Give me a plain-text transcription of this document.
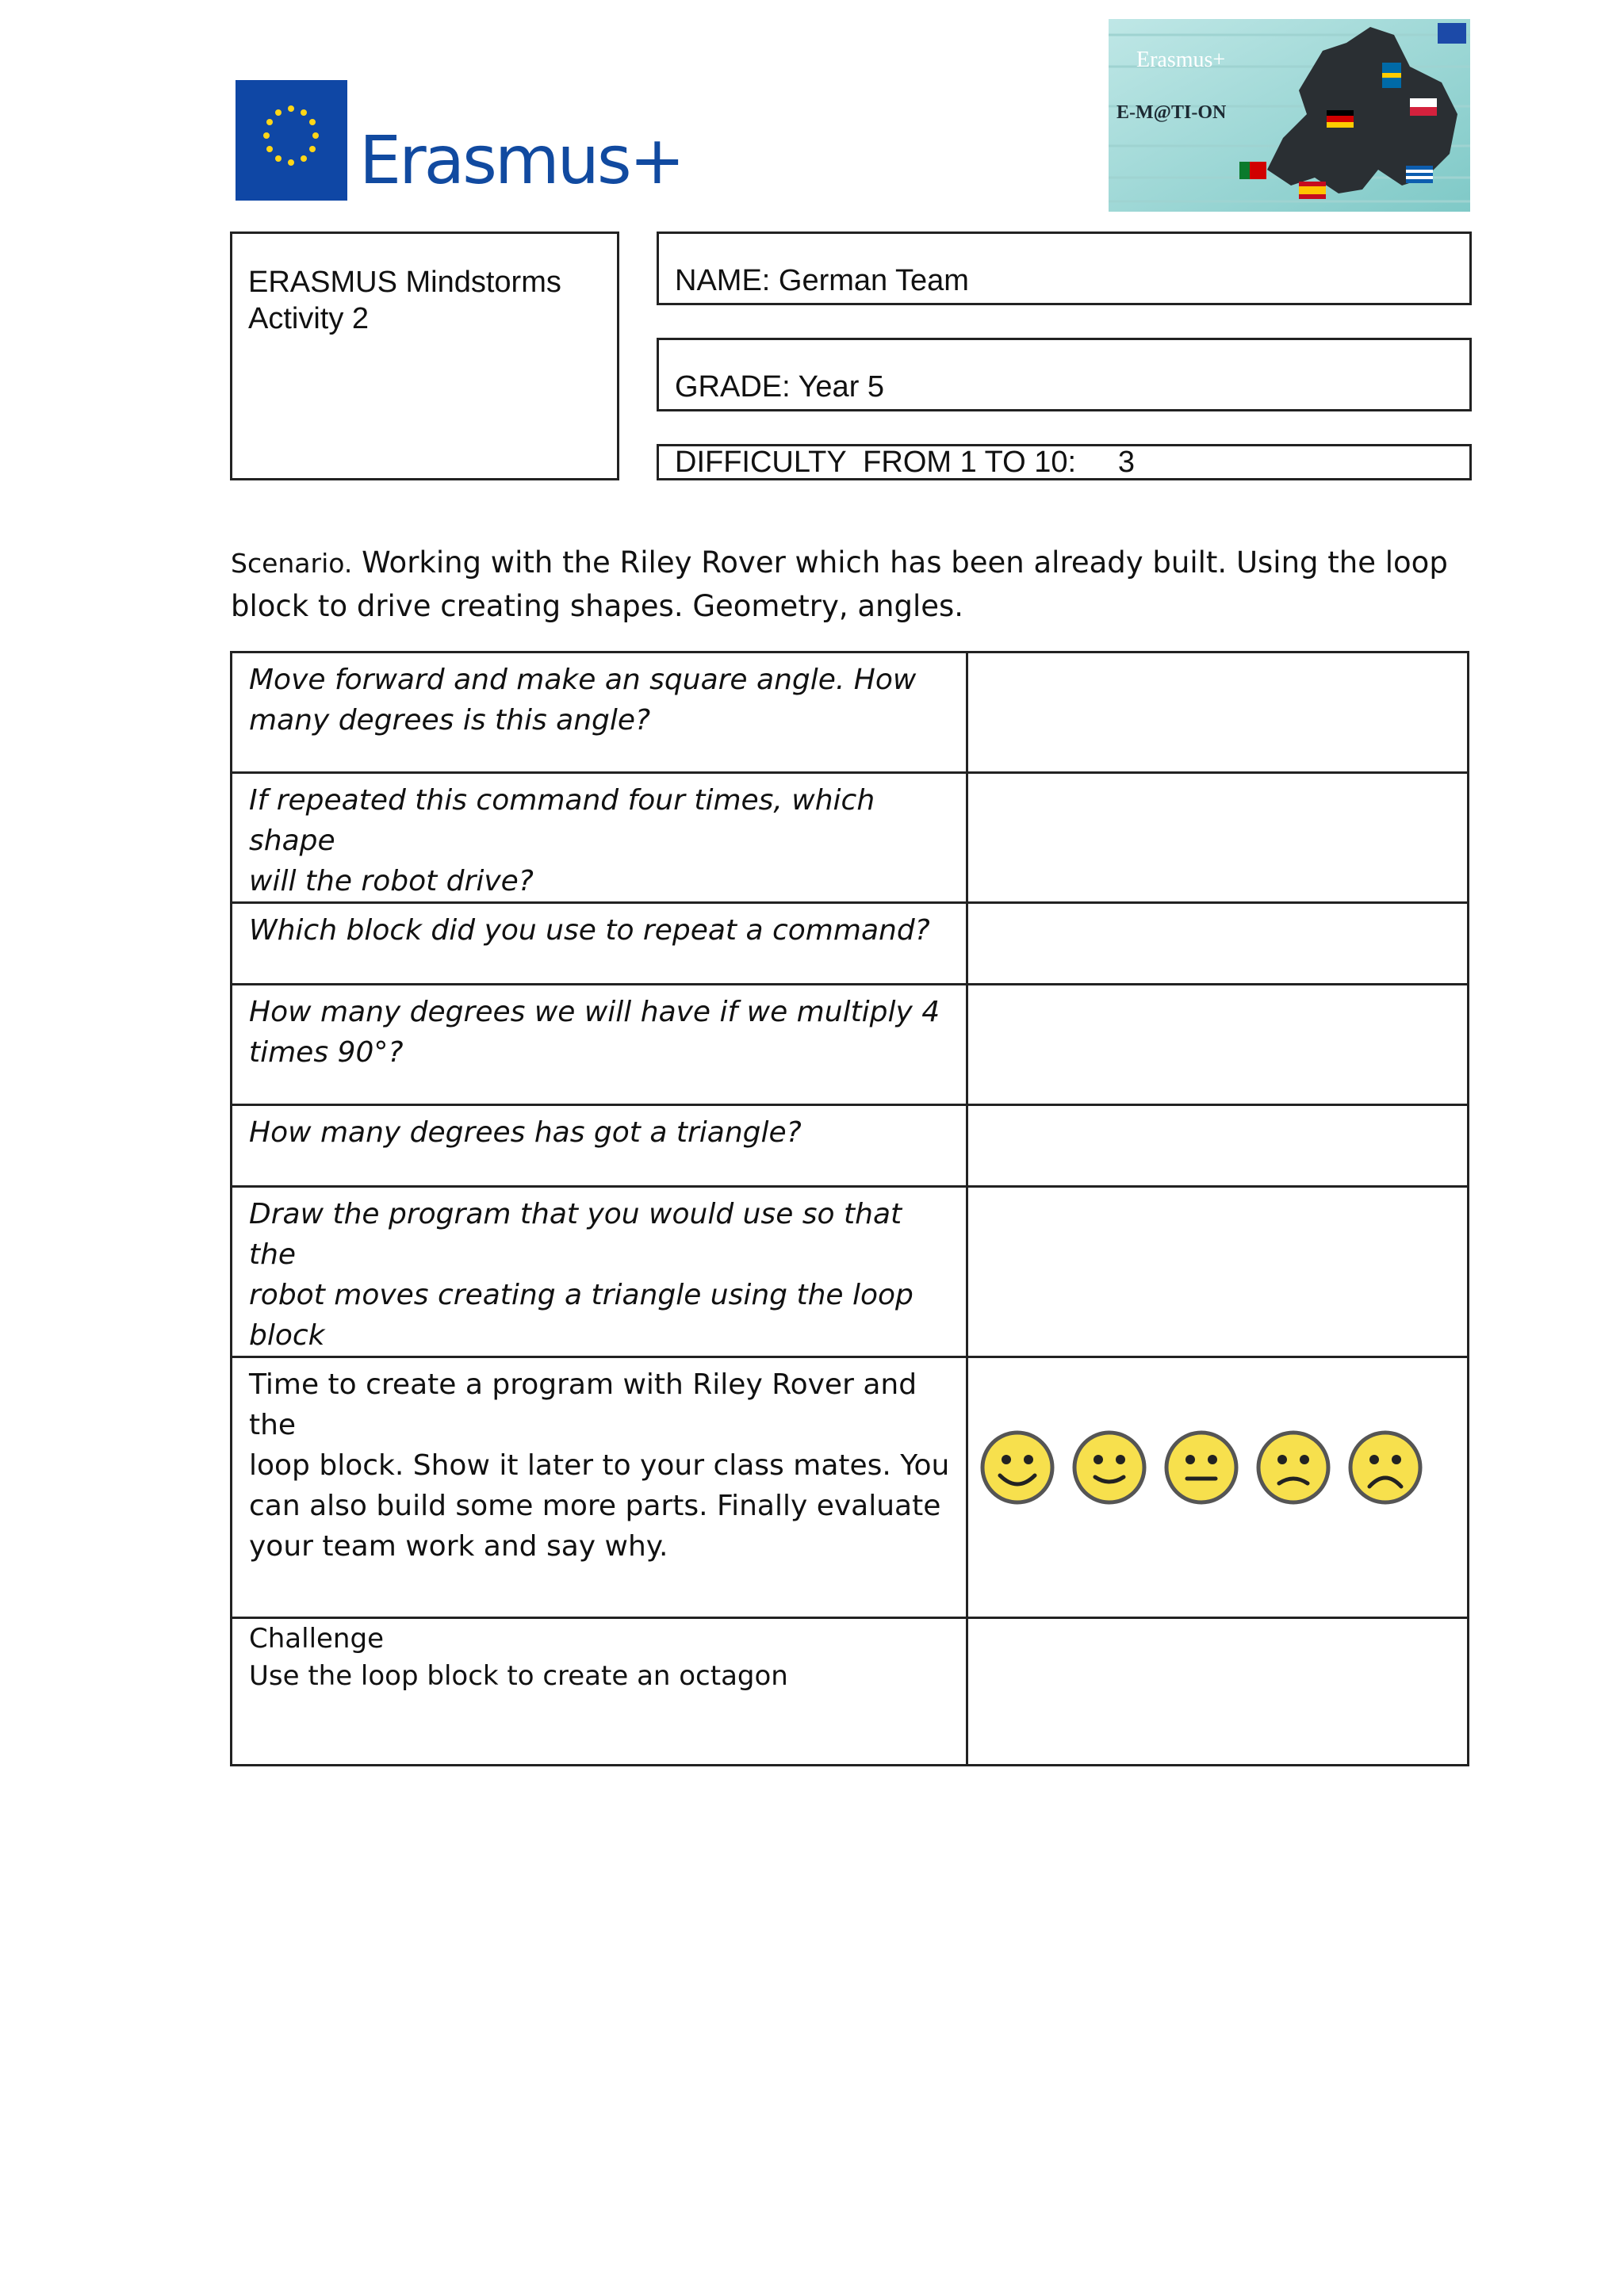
Erasmus+
Erasmus+
E-M@TI-ON
ERASMUS Mindstorms
Activity 2
NAME: German Team
GRADE: Year 5
DIFFICULTY  FROM 1 TO 10:     3
Scenario. Working with the Riley Rover which has been already built. Using the loop block to drive creating shapes. Geometry, angles.
Move forward and make an square angle. How
many degrees is this angle?	

If repeated this command four times, which shape
will the robot drive?	

Which block did you use to repeat a command?	

How many degrees we will have if we multiply 4
times 90°?	

How many degrees has got a triangle?	

Draw the program that you would use so that the
robot moves creating a triangle using the loop block	

Time to create a program with Riley Rover and the
loop block. Show it later to your class mates. You
can also build some more parts. Finally evaluate
your team work and say why.

Challenge
Use the loop block to create an octagon	
